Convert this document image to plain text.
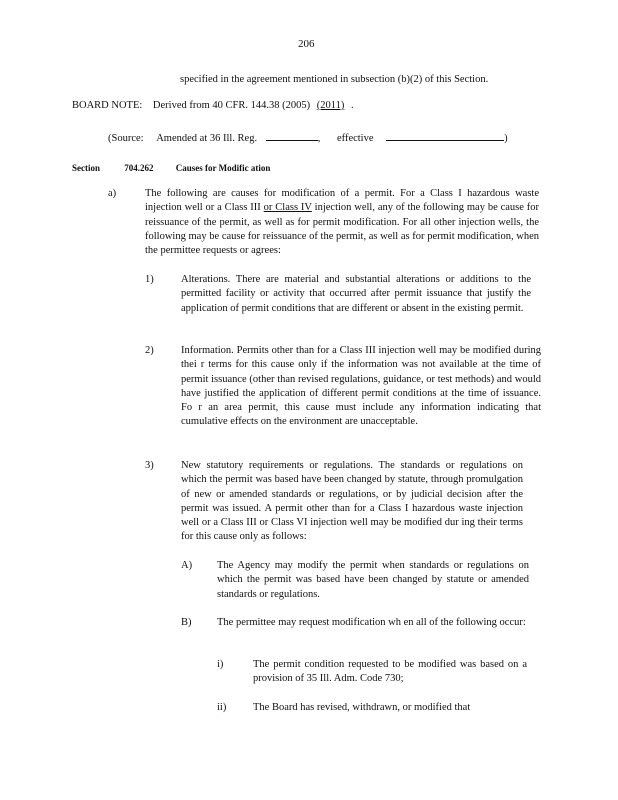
206
specified in the agreement mentioned in subsection (b)(2) of this Section.
BOARD NOTE: Derived from 40 CFR. 144.38 (2005) (2011) .
(Source: Amended at 36 Ill. Reg.	, effective	)
Section	704.262 Causes for Modific ation
a)	The following are causes for modification of a permit. For a Class I hazardous waste injection well or a Class III or Class IV injection well, any of the following may be cause for reissuance of the permit, as well as for permit modification. For all other injection wells, the following may be cause for reissuance of the permit, as well as for permit modification, when the permittee requests or agrees:
1)	Alterations. There are material and substantial alterations or additions to the permitted facility or activity that occurred after permit issuance that justify the application of permit conditions that are different or absent in the existing permit.
2)	Information. Permits other than for a Class III injection well may be modified during thei r terms for this cause only if the information was not available at the time of permit issuance (other than revised regulations, guidance, or test methods) and would have justified the application of different permit conditions at the time of issuance. Fo r an area permit, this cause must include any information indicating that cumulative effects on the environment are unacceptable.
3)	New statutory requirements or regulations. The standards or regulations on which the permit was based have been changed by statute, through promulgation of new or amended standards or regulations, or by judicial decision after the permit was issued. A permit other than for a Class I hazardous waste injection well or a Class III or Class VI injection well may be modified dur ing their terms for this cause only as follows:
A) The Agency may modify the permit when standards or regulations on which the permit was based have been changed by statute or amended standards or regulations.
B) The permittee may request modification wh en all of the following occur:
i)	The permit condition requested to be modified was based on a provision of 35 Ill. Adm. Code 730;
ii)	The Board has revised, withdrawn, or modified that
